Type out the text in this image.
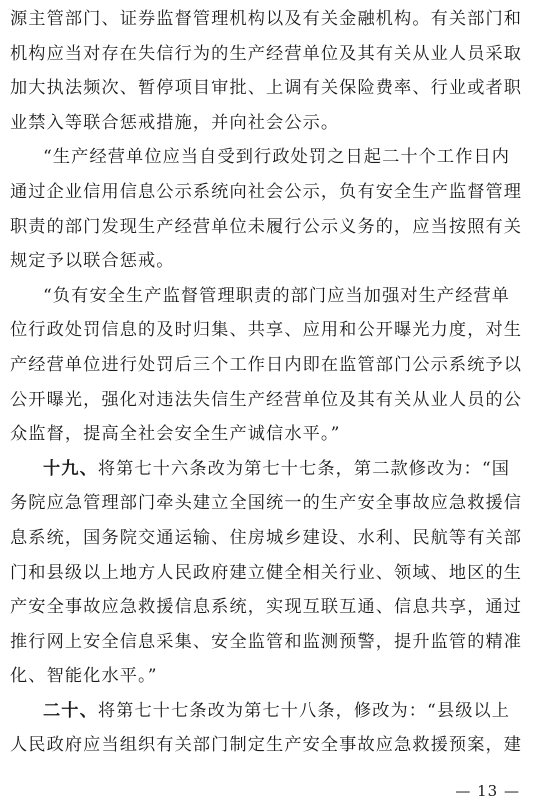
源主管部门、证券监督管理机构以及有关金融机构。有关部门和
机构应当对存在失信行为的生产经营单位及其有关从业人员采取
加大执法频次、暂停项目审批、上调有关保险费率、行业或者职
业禁入等联合惩戒措施，并向社会公示。
“生产经营单位应当自受到行政处罚之日起二十个工作日内
通过企业信用信息公示系统向社会公示，负有安全生产监督管理
职责的部门发现生产经营单位未履行公示义务的，应当按照有关
规定予以联合惩戒。
“负有安全生产监督管理职责的部门应当加强对生产经营单
位行政处罚信息的及时归集、共享、应用和公开曝光力度，对生
产经营单位进行处罚后三个工作日内即在监管部门公示系统予以
公开曝光，强化对违法失信生产经营单位及其有关从业人员的公
众监督，提高全社会安全生产诚信水平。”
十九、将第七十六条改为第七十七条，第二款修改为：“国
务院应急管理部门牵头建立全国统一的生产安全事故应急救援信
息系统，国务院交通运输、住房城乡建设、水利、民航等有关部
门和县级以上地方人民政府建立健全相关行业、领域、地区的生
产安全事故应急救援信息系统，实现互联互通、信息共享，通过
推行网上安全信息采集、安全监管和监测预警，提升监管的精准
化、智能化水平。”
二十、将第七十七条改为第七十八条，修改为：“县级以上
人民政府应当组织有关部门制定生产安全事故应急救援预案，建
— 13 —
